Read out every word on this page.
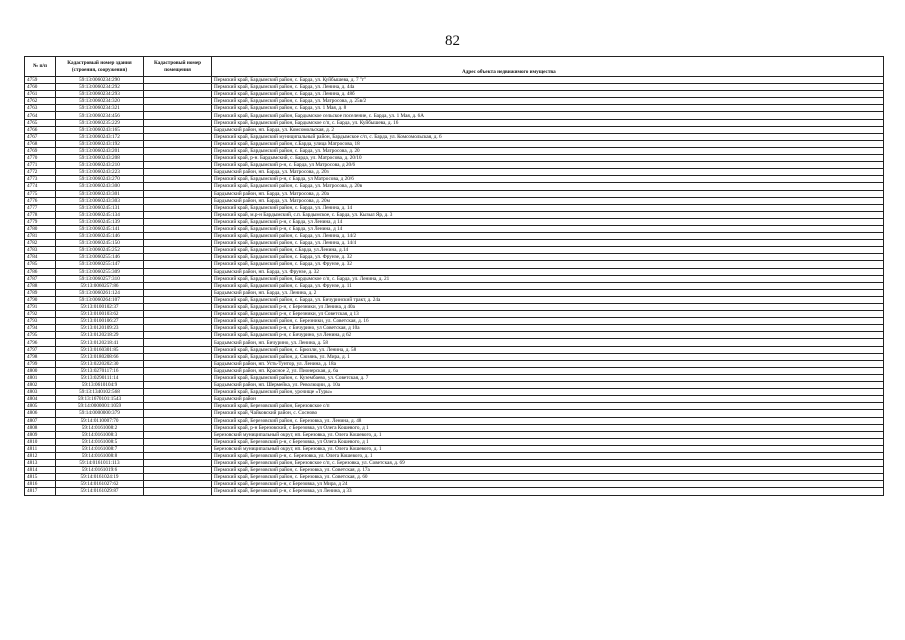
82
№ п/п	Кадастровый номер здания (строения, сооружения)	Кадастровый номер помещения	
			Адрес объекта недвижимого имущества
4759	59:13:0060234:290		Пермский край, Бардымский район, с. Барда, ул. Куйбышева, д. 7 "г"
4760	59:13:0060234:292		Пермский край, Бардымский район, с. Барда, ул. Ленина, д. 44а
4761	59:13:0060234:293		Пермский край, Бардымский район, с. Барда, ул. Ленина, д. 48б
4762	59:13:0060234:320		Пермский край, Бардымский район, с. Барда, ул. Матросова, д. 25в/2
4763	59:13:0060234:321		Пермский край, Бардымский район, с. Барда, ул. 1 Мая, д. 8
4764	59:13:0060234:456		Пермский край, Бардымский район, Бардымское сельское поселение, с. Барда, ул. 1 Мая, д. 6А
4765	59:13:0060235:229		Пермский край, Бардымский район, Бардымское с/п, с. Барда, ул. Куйбышева, д. 16
4766	59:13:0060243:165		Бардымский район, нп. Барда, ул. Комсомольская, д. 2
4767	59:13:0060243:172		Пермский край, Бардымский муниципальный район, Бардымское с/п, с. Барда, ул. Комсомольская, д. 6
4768	59:13:0060243:192		Пермский край, Бардымский район, с.Барда, улица Матросова, 18
4769	59:13:0060243:201		Пермский край, Бардымский район, с. Барда, ул. Матросова, д. 20
4770	59:13:0060243:208		Пермский край, р-н. Бардымский, с. Барда, ул. Матросова, д. 20/10
4771	59:13:0060243:210		Пермский край, Бардымский р-н, с. Барда, ул Матросова, д 20/6
4772	59:13:0060243:223		Бардымский район, нп. Барда, ул. Матросова, д. 20з
4773	59:13:0060243:270		Пермский край, Бардымский р-н, с Барда, ул Матросова, д 20/6
4774	59:13:0060243:300		Пермский край, Бардымский район, с. Барда, ул. Матросова, д. 20в
4775	59:13:0060243:301		Бардымский район, нп. Барда, ул. Матросова, д. 20а
4776	59:13:0060243:303		Бардымский район, нп. Барда, ул. Матросова, д. 20м
4777	59:13:0060245:131		Пермский край, Бардымский район, с. Барда, ул. Ленина, д. 14
4778	59:13:0060245:134		Пермский край, м.р-н Бардымский, с.п. Бардымское, с. Барда, ул. Кызыл Яр, д. 3
4779	59:13:0060245:139		Пермский край, Бардымский р-н, с Барда, ул Ленина, д 14
4780	59:13:0060245:141		Пермский край, Бардымский р-н, с Барда, ул Ленина, д 14
4781	59:13:0060245:146		Пермский край, Бардымский район, с. Барда, ул. Ленина, д. 14/2
4782	59:13:0060245:150		Пермский край, Бардымский район, с. Барда, ул. Ленина, д. 14/4
4783	59:13:0060245:252		Пермский край, Бардымский район, с.Барда, ул.Ленина, д.14
4784	59:13:0060255:146		Пермский край, Бардымский район, с. Барда, ул. Фрунзе, д. 32
4785	59:13:0060255:147		Пермский край, Бардымский район, с. Барда, ул. Фрунзе, д. 32
4786	59:13:0060255:309		Бардымский район, нп. Барда, ул. Фрунзе, д. 32
4787	59:13:0060257:310		Пермский край, Бардымский район, Бардымское с/п, с. Барда, ул. Ленина, д. 21
4788	59:13:0060257:86		Пермский край, Бардымский район, с. Барда, ул. Фрунзе, д. 11
4789	59:13:0060261:124		Бардымский район, нп. Барда, ул. Ленина, д. 2
4790	59:13:0060264:107		Пермский край, Бардымский район, с. Барда, ул. Бичуринский тракт, д. 24а
4791	59:13:0100102:37		Пермский край, Бардымский р-н, с Березники, ул Ленина, д 40а
4792	59:13:0100103:62		Пермский край, Бардымский р-н, с Березники, ул Советская, д 13
4793	59:13:0100106:27		Пермский край, Бардымский район, с. Березники, ул. Советская, д. 16
4794	59:13:0120109:23		Пермский край, Бардымский р-н, с Бичурино, ул Советская, д 10а
4795	59:13:0120218:29		Пермский край, Бардымский р-н, с Бичурино, ул Ленина, д 62
4796	59:13:0120218:41		Бардымский район, нп. Бичурино, ул. Ленина, д. 58
4797	59:13:0160301:85		Пермский край, Бардымский район, с. Брюзли, ул. Ленина, д. 58
4798	59:13:0180208:66		Пермский край, Бардымский район, д. Сюзянь, ул. Мира, д. 1
4799	59:13:0220202:30		Бардымский район, нп. Усть-Тунтор, ул. Ленина, д. 18а
4800	59:13:0270117:16		Бардымский район, нп. Красное 2, ул. Пионерская, д. 6а
4801	59:13:0290111:14		Пермский край, Бардымский район, с. Кузембаево, ул. Советская, д. 7
4802	59:13:0610104:9		Бардымский район, нп. Шермейка, ул. Революции, д. 10а
4803	59:13:1340102:568		Пермский край, Бардымский район, урочище «Туры»
4804	59:13:1670101:1543		Бардымский район
4805	59:14:0000001:1059		Пермский край, Березовский район, Березовское с/п
4806	59:14:0000000:379		Пермский край, Чайковский район, с. Сосново
4807	59:14:0110007:70		Пермский край, Березовский район, с. Березовка, ул. Ленина, д. 48
4808	59:14:0161008:2		Пермский край, р-н Березовский, с Березовка, ул Олега Кошевого, д 1
4809	59:14:0161008:3		Березовский муниципальный округ, нп. Березовка, ул. Олега Кошевого, д. 1
4810	59:14:0161008:5		Пермский край, Березовский р-н, с Березовка, ул Олега Кошевого, д 1
4811	59:14:0161008:7		Березовский муниципальный округ, нп. Березовка, ул. Олега Кошевого, д. 1
4812	59:14:0161008:8		Пермский край, Березовский р-н, с. Березовка, ул. Олега Кошевого, д. 1
4813	59:14:0161011:113		Пермский край, Березовский район, Березовское с/п, с. Березовка, ул. Советская, д. 69
4814	59:14:0161019:6		Пермский край, Березовский район, с. Березовка, ул. Советская, д. 17а
4815	59:14:0161024:19		Пермский край, Березовский район, с. Березовка, ул. Советская, д. 60
4816	59:14:0161027:62		Пермский край, Березовский р-н, с Березовка, ул Мира, д 24
4817	59:14:0161029:87		Пермский край, Березовский р-н, с Березовка, ул Ленина, д 33
